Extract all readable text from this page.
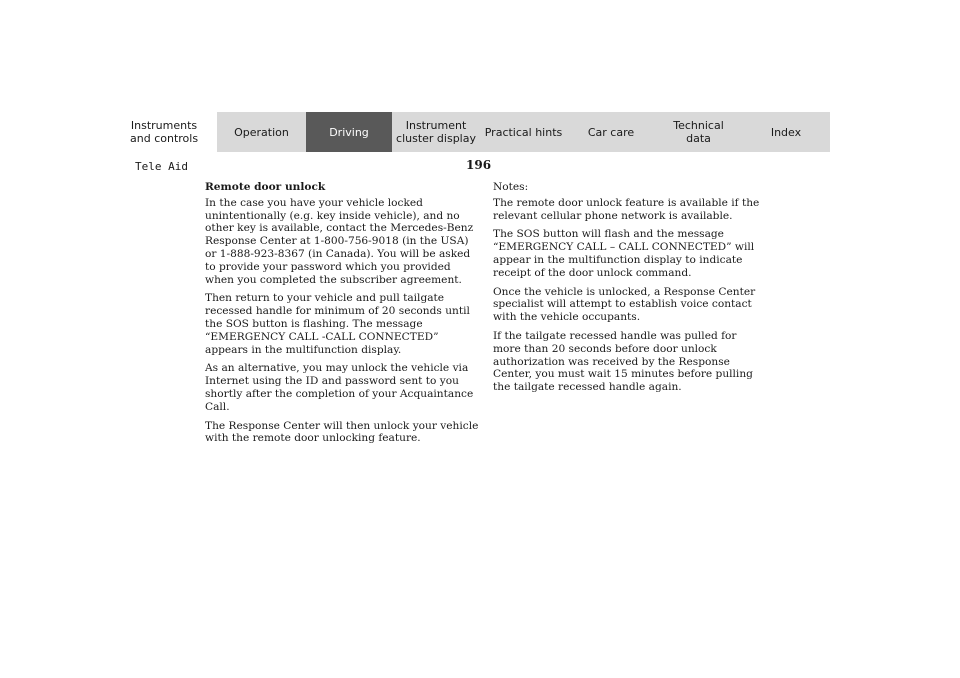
Instruments
and controls	Operation	Driving	Instrument
cluster display Practical hints Car care	Technical
data	Index
Tele Aid	196
Remote door unlock

In the case you have your vehicle locked unintentionally (e.g. key inside vehicle), and no other key is available, contact the Mercedes-Benz Response Center at 1-800-756-9018 (in the USA) or 1-888-923-8367 (in Canada). You will be asked to provide your password which you provided when you completed the subscriber agreement.

Then return to your vehicle and pull tailgate recessed handle for minimum of 20 seconds until the SOS button is flashing. The message “EMERGENCY CALL -CALL CONNECTED” appears in the multifunction display.

As an alternative, you may unlock the vehicle via Internet using the ID and password sent to you shortly after the completion of your Acquaintance Call.

The Response Center will then unlock your vehicle with the remote door unlocking feature.

Notes:

The remote door unlock feature is available if the relevant cellular phone network is available.

The SOS button will flash and the message “EMERGENCY CALL – CALL CONNECTED” will appear in the multifunction display to indicate receipt of the door unlock command.

Once the vehicle is unlocked, a Response Center specialist will attempt to establish voice contact with the vehicle occupants.

If the tailgate recessed handle was pulled for more than 20 seconds before door unlock authorization was received by the Response Center, you must wait 15 minutes before pulling the tailgate recessed handle again.
